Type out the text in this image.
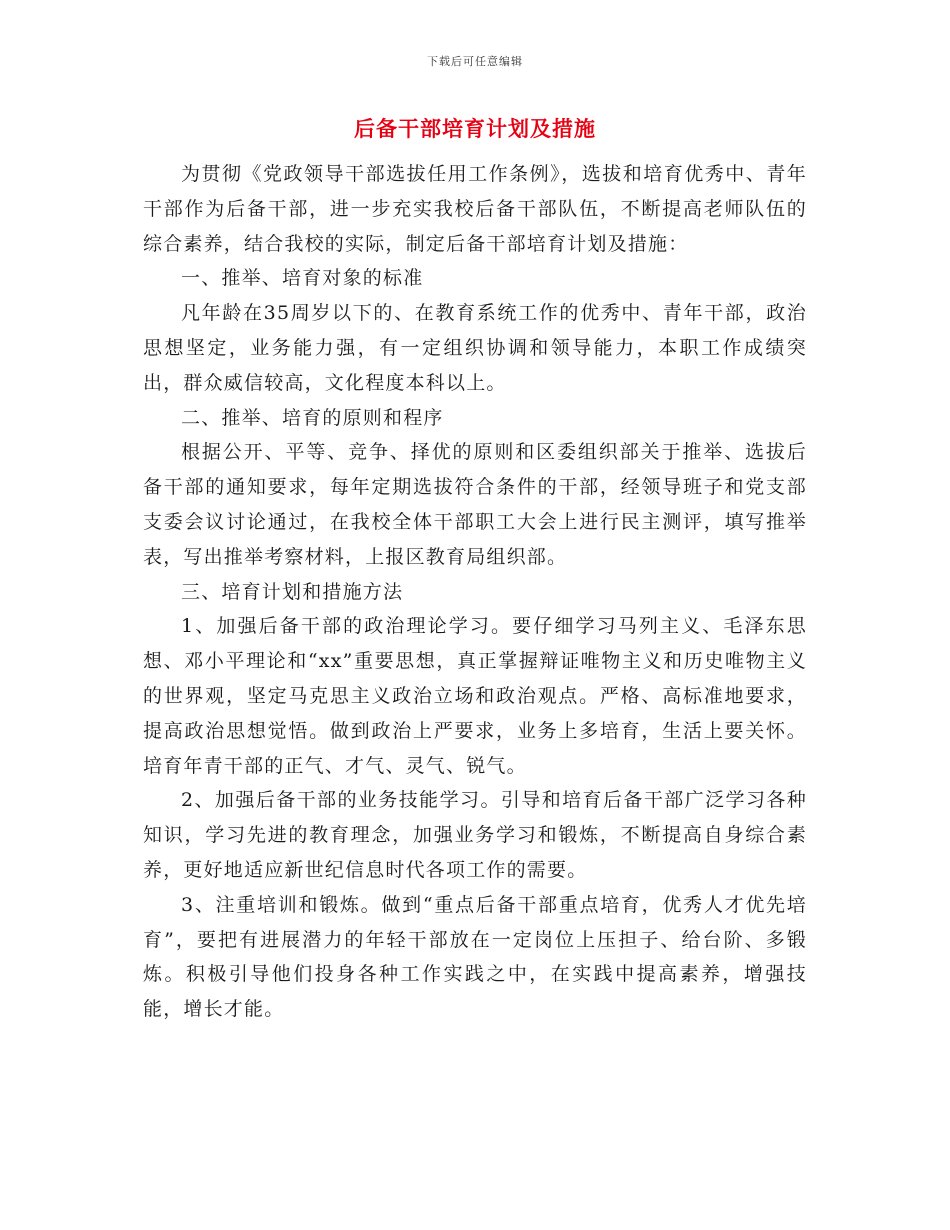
下载后可任意编辑
后备干部培育计划及措施

为贯彻《党政领导干部选拔任用工作条例》，选拔和培育优秀中、青年干部作为后备干部，进一步充实我校后备干部队伍，不断提高老师队伍的综合素养，结合我校的实际，制定后备干部培育计划及措施：

一、推举、培育对象的标准

凡年龄在35周岁以下的、在教育系统工作的优秀中、青年干部，政治思想坚定，业务能力强，有一定组织协调和领导能力，本职工作成绩突出，群众威信较高，文化程度本科以上。

二、推举、培育的原则和程序

根据公开、平等、竞争、择优的原则和区委组织部关于推举、选拔后备干部的通知要求，每年定期选拔符合条件的干部，经领导班子和党支部支委会议讨论通过，在我校全体干部职工大会上进行民主测评，填写推举表，写出推举考察材料，上报区教育局组织部。

三、培育计划和措施方法

1、加强后备干部的政治理论学习。要仔细学习马列主义、毛泽东思想、邓小平理论和“xx”重要思想，真正掌握辩证唯物主义和历史唯物主义的世界观，坚定马克思主义政治立场和政治观点。严格、高标准地要求，提高政治思想觉悟。做到政治上严要求，业务上多培育，生活上要关怀。培育年青干部的正气、才气、灵气、锐气。

2、加强后备干部的业务技能学习。引导和培育后备干部广泛学习各种知识，学习先进的教育理念，加强业务学习和锻炼，不断提高自身综合素养，更好地适应新世纪信息时代各项工作的需要。

3、注重培训和锻炼。做到“重点后备干部重点培育，优秀人才优先培育”，要把有进展潜力的年轻干部放在一定岗位上压担子、给台阶、多锻炼。积极引导他们投身各种工作实践之中，在实践中提高素养，增强技能，增长才能。
